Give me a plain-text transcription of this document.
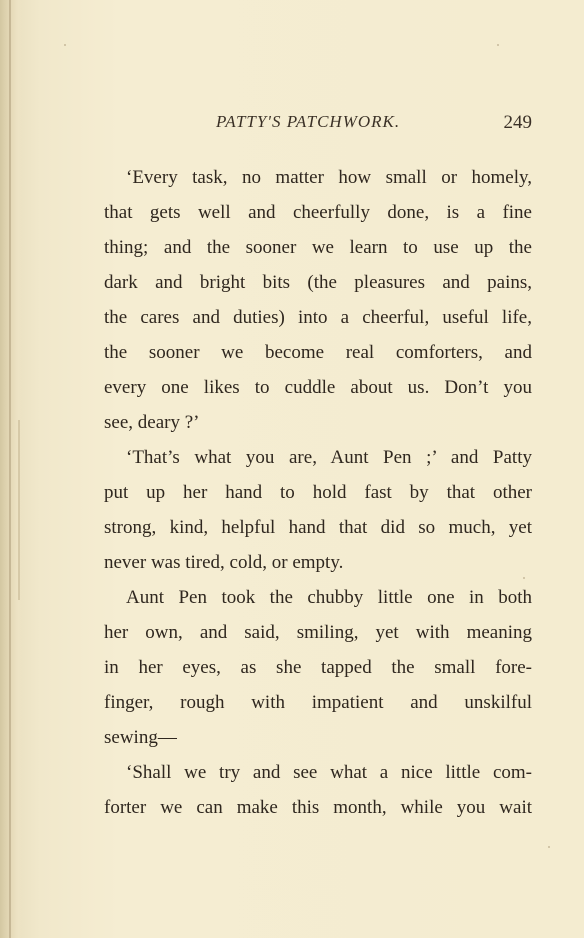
PATTY'S PATCHWORK.	249
‘Every task, no matter how small or homely,
that gets well and cheerfully done, is a fine
thing; and the sooner we learn to use up the
dark and bright bits (the pleasures and pains,
the cares and duties) into a cheerful, useful life,
the sooner we become real comforters, and
every one likes to cuddle about us. Don’t you
see, deary ?’
‘That’s what you are, Aunt Pen ;’ and Patty
put up her hand to hold fast by that other
strong, kind, helpful hand that did so much, yet
never was tired, cold, or empty.
Aunt Pen took the chubby little one in both
her own, and said, smiling, yet with meaning
in her eyes, as she tapped the small fore-
finger, rough with impatient and unskilful
sewing—
‘Shall we try and see what a nice little com-
forter we can make this month, while you wait
